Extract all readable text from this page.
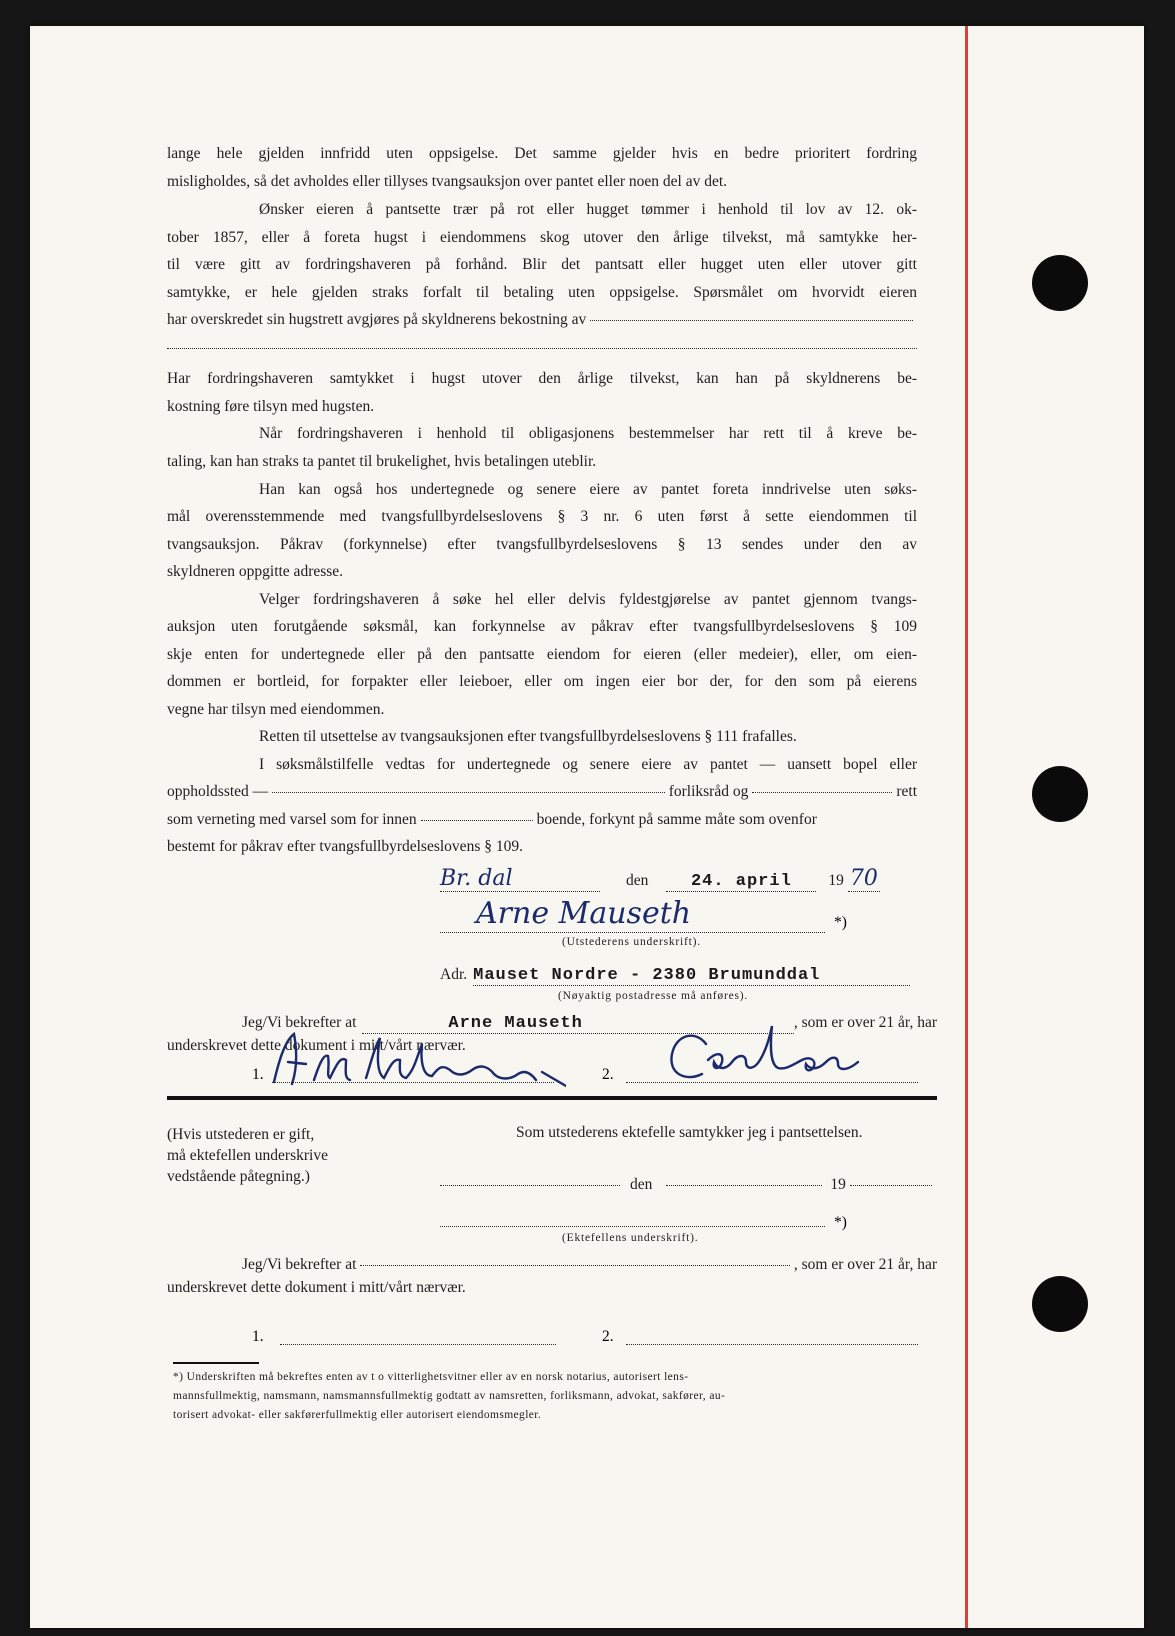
lange hele gjelden innfridd uten oppsigelse. Det samme gjelder hvis en bedre prioritert fordring
misligholdes, så det avholdes eller tillyses tvangsauksjon over pantet eller noen del av det.
Ønsker eieren å pantsette trær på rot eller hugget tømmer i henhold til lov av 12. ok-
tober 1857, eller å foreta hugst i eiendommens skog utover den årlige tilvekst, må samtykke her-
til være gitt av fordringshaveren på forhånd. Blir det pantsatt eller hugget uten eller utover gitt
samtykke, er hele gjelden straks forfalt til betaling uten oppsigelse. Spørsmålet om hvorvidt eieren
har overskredet sin hugstrett avgjøres på skyldnerens bekostning av
Har fordringshaveren samtykket i hugst utover den årlige tilvekst, kan han på skyldnerens be-
kostning føre tilsyn med hugsten.
Når fordringshaveren i henhold til obligasjonens bestemmelser har rett til å kreve be-
taling, kan han straks ta pantet til brukelighet, hvis betalingen uteblir.
Han kan også hos undertegnede og senere eiere av pantet foreta inndrivelse uten søks-
mål overensstemmende med tvangsfullbyrdelseslovens § 3 nr. 6 uten først å sette eiendommen til
tvangsauksjon. Påkrav (forkynnelse) efter tvangsfullbyrdelseslovens § 13 sendes under den av
skyldneren oppgitte adresse.
Velger fordringshaveren å søke hel eller delvis fyldestgjørelse av pantet gjennom tvangs-
auksjon uten forutgående søksmål, kan forkynnelse av påkrav efter tvangsfullbyrdelseslovens § 109
skje enten for undertegnede eller på den pantsatte eiendom for eieren (eller medeier), eller, om eien-
dommen er bortleid, for forpakter eller leieboer, eller om ingen eier bor der, for den som på eierens
vegne har tilsyn med eiendommen.
Retten til utsettelse av tvangsauksjonen efter tvangsfullbyrdelseslovens § 111 frafalles.
I søksmålstilfelle vedtas for undertegnede og senere eiere av pantet — uansett bopel eller
oppholdssted —	forliksråd og	rett
som verneting med varsel som for innen	boende, forkynt på samme måte som ovenfor
bestemt for påkrav efter tvangsfullbyrdelseslovens § 109.
Br. dal	den	24. april	19 70
Arne Mauseth	*)
(Utstederens underskrift).
Adr. Mauset Nordre - 2380 Brumunddal
(Nøyaktig postadresse må anføres).
Jeg/Vi bekrefter at	Arne Mauseth	, som er over 21 år, har
underskrevet dette dokument i mitt/vårt nærvær.
1.	2.
(Hvis utstederen er gift,
må ektefellen underskrive
vedstående påtegning.)
Som utstederens ektefelle samtykker jeg i pantsettelsen.
den	19
*)
(Ektefellens underskrift).
Jeg/Vi bekrefter at	, som er over 21 år, har
underskrevet dette dokument i mitt/vårt nærvær.
1.	2.
*) Underskriften må bekreftes enten av t o vitterlighetsvitner eller av en norsk notarius, autorisert lens-
mannsfullmektig, namsmann, namsmannsfullmektig godtatt av namsretten, forliksmann, advokat, sakfører, au-
torisert advokat- eller sakførerfullmektig eller autorisert eiendomsmegler.
